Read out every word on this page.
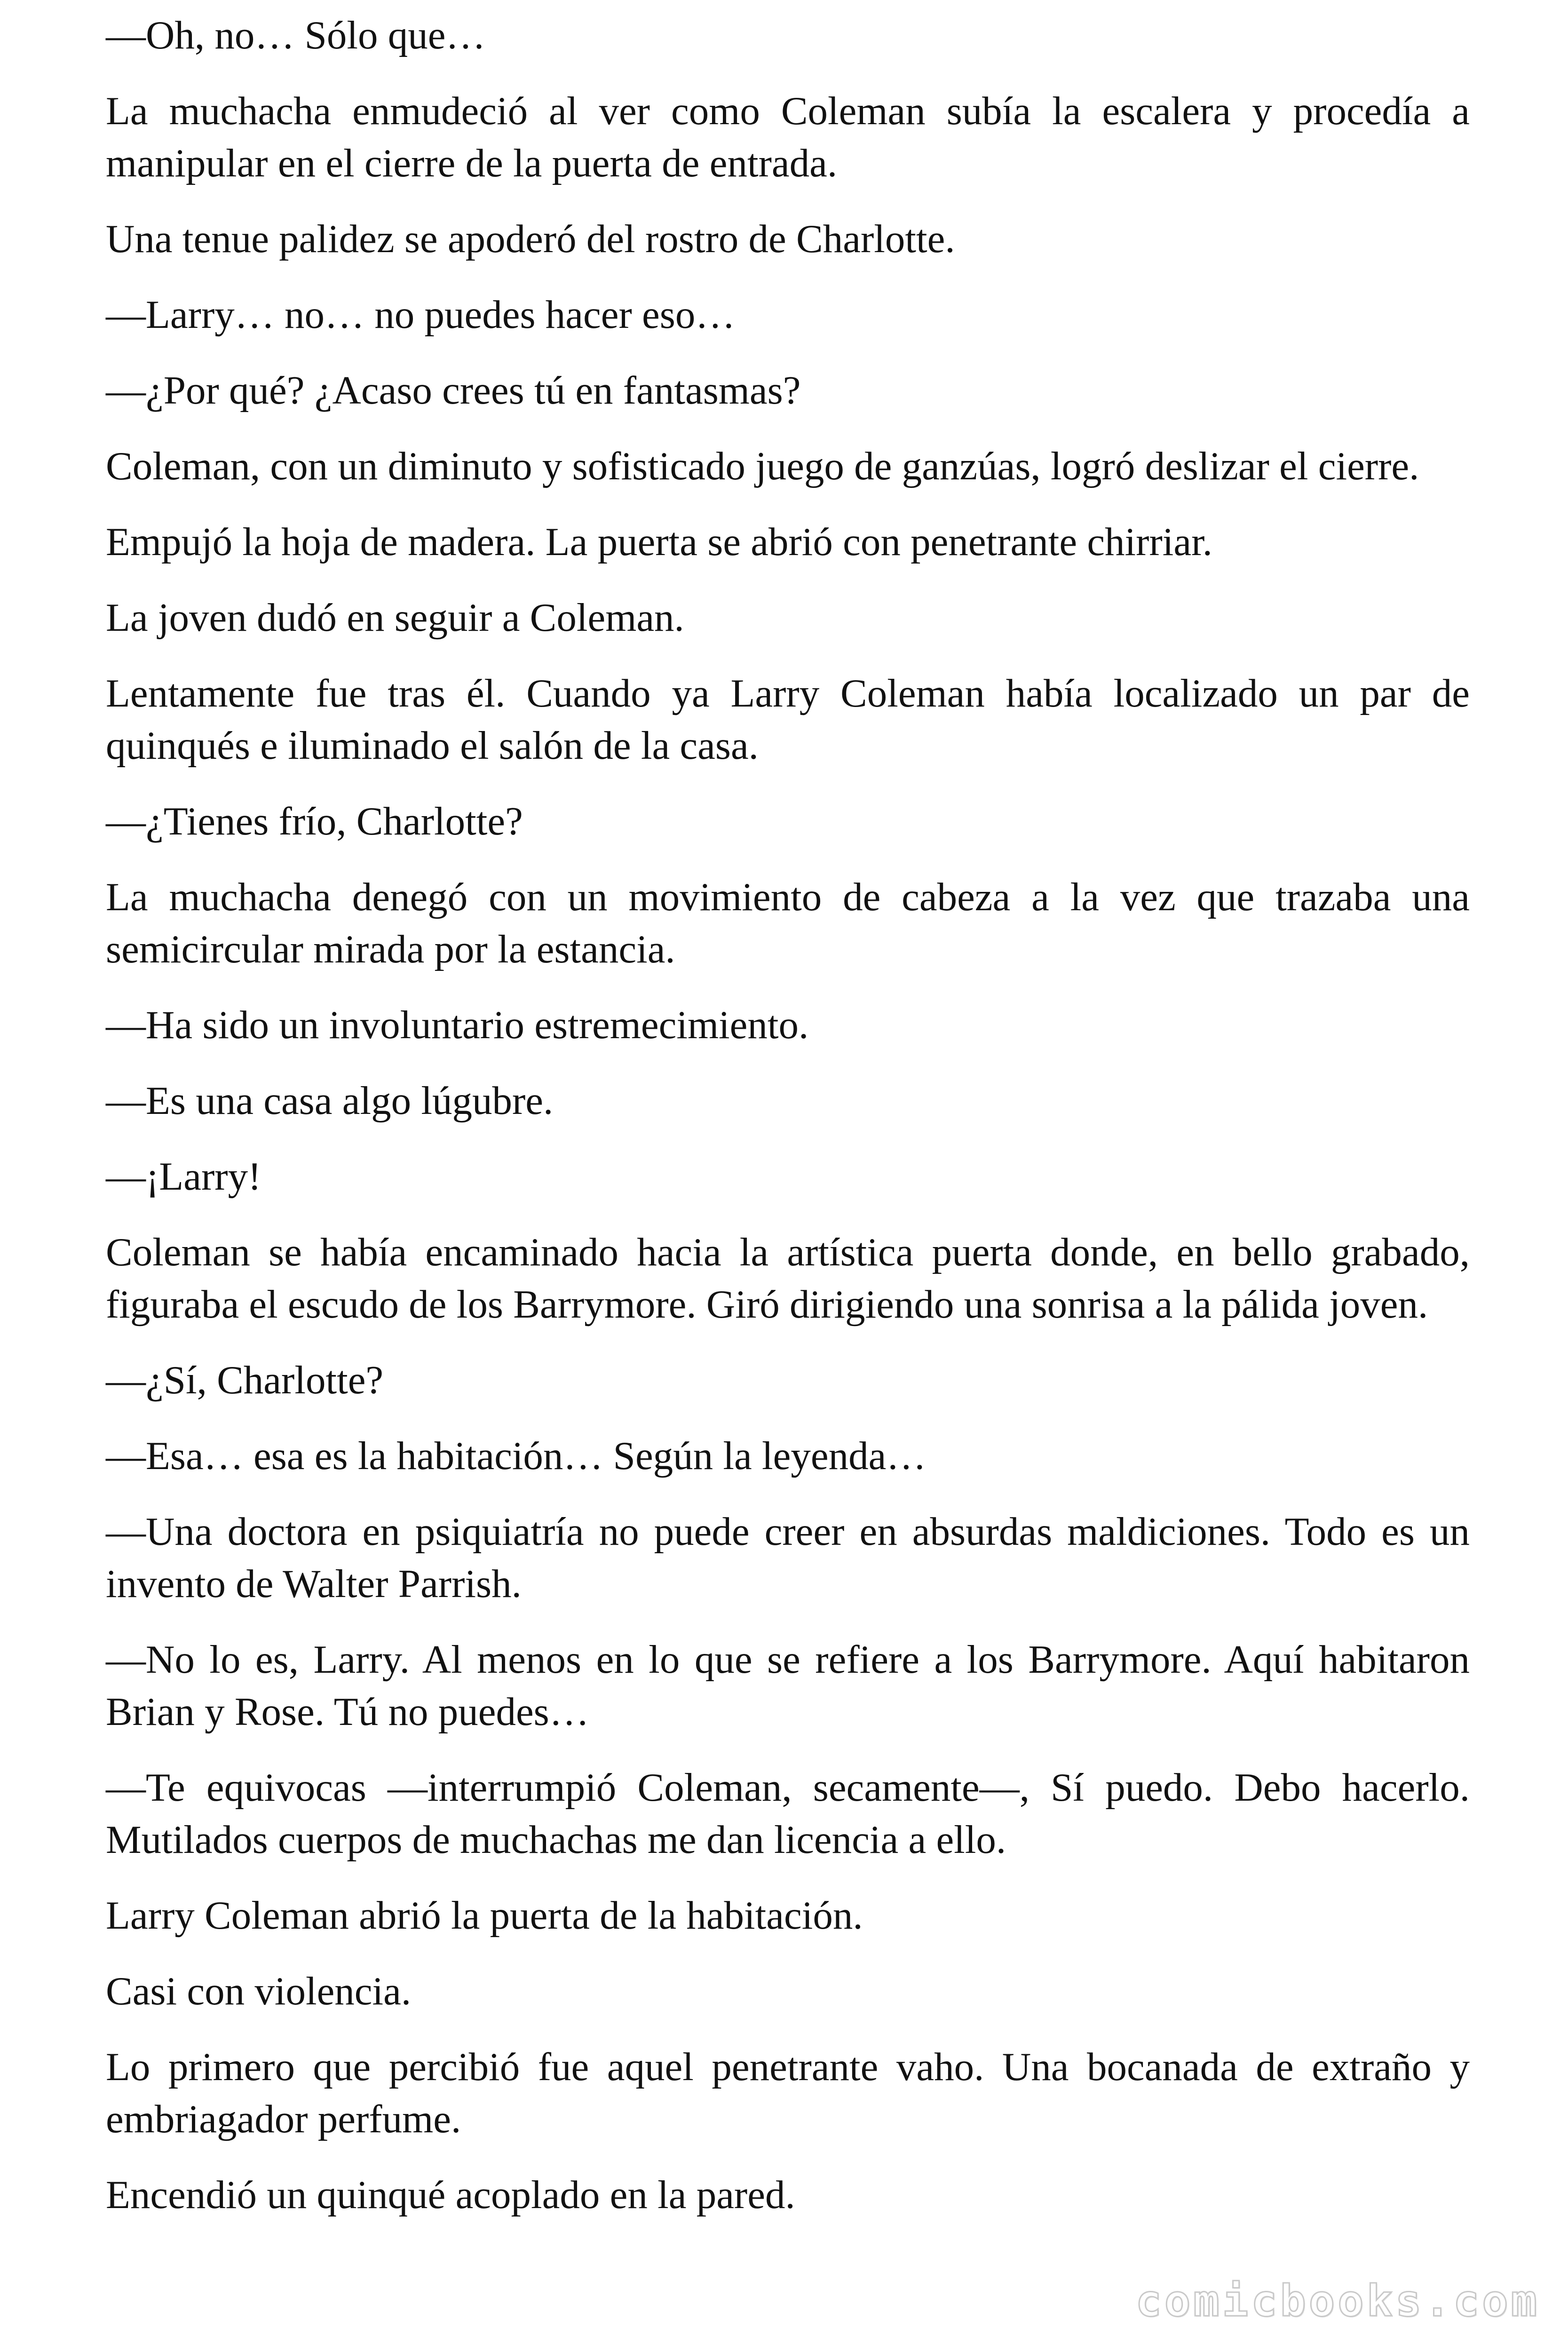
—Oh, no… Sólo que…

La muchacha enmudeció al ver como Coleman subía la escalera y procedía a manipular en el cierre de la puerta de entrada.

Una tenue palidez se apoderó del rostro de Charlotte.

—Larry… no… no puedes hacer eso…

—¿Por qué? ¿Acaso crees tú en fantasmas?

Coleman, con un diminuto y sofisticado juego de ganzúas, logró deslizar el cierre.

Empujó la hoja de madera. La puerta se abrió con penetrante chirriar.

La joven dudó en seguir a Coleman.

Lentamente fue tras él. Cuando ya Larry Coleman había localizado un par de quinqués e iluminado el salón de la casa.

—¿Tienes frío, Charlotte?

La muchacha denegó con un movimiento de cabeza a la vez que trazaba una semicircular mirada por la estancia.

—Ha sido un involuntario estremecimiento.

—Es una casa algo lúgubre.

—¡Larry!

Coleman se había encaminado hacia la artística puerta donde, en bello grabado, figuraba el escudo de los Barrymore. Giró dirigiendo una sonrisa a la pálida joven.

—¿Sí, Charlotte?

—Esa… esa es la habitación… Según la leyenda…

—Una doctora en psiquiatría no puede creer en absurdas maldiciones. Todo es un invento de Walter Parrish.

—No lo es, Larry. Al menos en lo que se refiere a los Barrymore. Aquí habitaron Brian y Rose. Tú no puedes…

—Te equivocas —interrumpió Coleman, secamente—, Sí puedo. Debo hacerlo. Mutilados cuerpos de muchachas me dan licencia a ello.

Larry Coleman abrió la puerta de la habitación.

Casi con violencia.

Lo primero que percibió fue aquel penetrante vaho. Una bocanada de extraño y embriagador perfume.

Encendió un quinqué acoplado en la pared.

comicbooks.com
